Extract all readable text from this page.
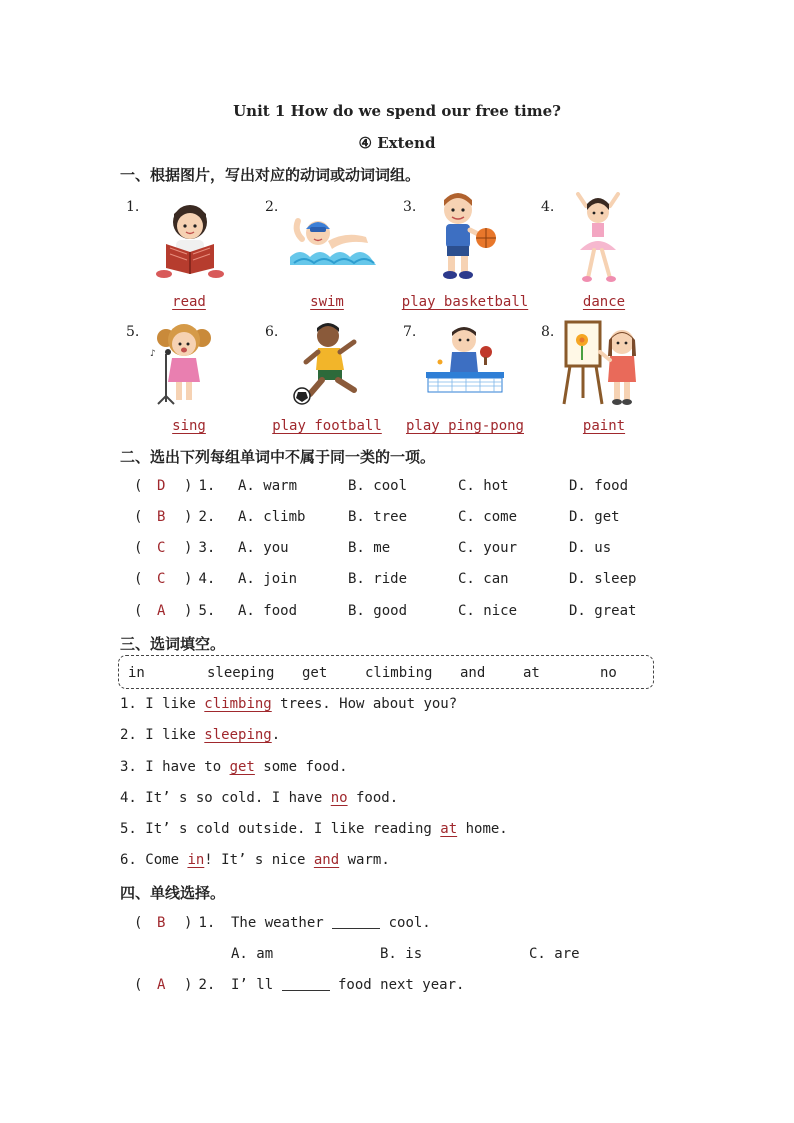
Unit 1 How do we spend our free time?
④ Extend
一、根据图片，写出对应的动词或动词词组。
1.	2.	3.	4.
read	swim	play basketball	dance
5.	6.	7.	8.
♪
sing	play football	play ping-pong	paint
二、选出下列每组单词中不属于同一类的一项。
( D ) 1. A. warm	B. cool	C. hot	D. food
( B ) 2. A. climb	B. tree	C. come	D. get
( C ) 3. A. you	B. me	C. your	D. us
( C ) 4. A. join	B. ride	C. can	D. sleep
( A ) 5. A. food	B. good	C. nice	D. great
三、选词填空。
in	sleeping get	climbing and	at	no
1. I like climbing trees. How about you?
2. I like sleeping.
3. I have to get some food.
4. It’ s so cold. I have no food.
5. It’ s cold outside. I like reading at home.
6. Come in! It’ s nice and warm.
四、单线选择。
( B ) 1. The weather	cool.
A. am	B. is	C. are
( A ) 2. I’ ll	food next year.
